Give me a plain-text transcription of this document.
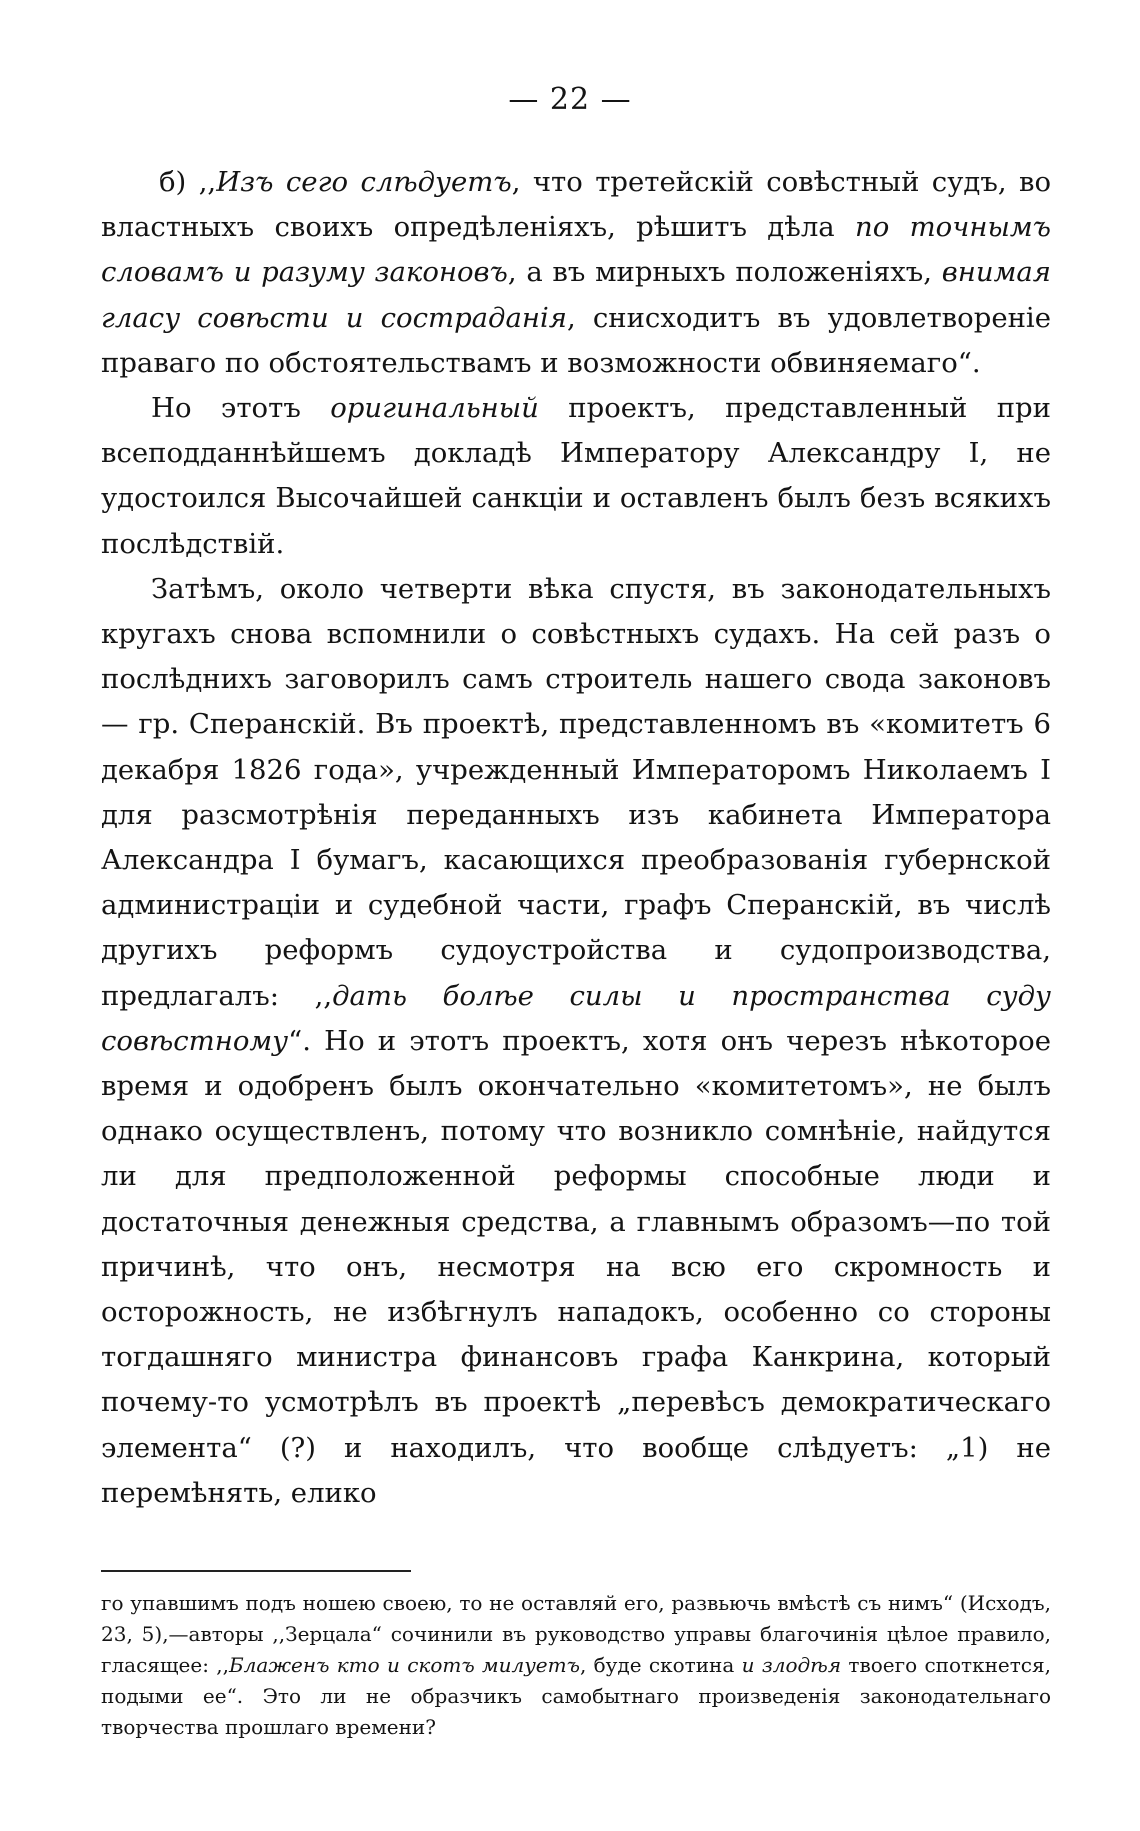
— 22 —

б) ,,Изъ сего слѣдуетъ, что третейскій совѣстный судъ, во властныхъ своихъ опредѣленіяхъ, рѣшитъ дѣла по точнымъ словамъ и разуму законовъ, а въ мирныхъ положеніяхъ, внимая гласу совѣсти и состраданія, снисходитъ въ удовлетвореніе праваго по обстоятельствамъ и возможности обвиняемаго“.

Но этотъ оригинальный проектъ, представленный при всеподданнѣйшемъ докладѣ Императору Александру I, не удостоился Высочайшей санкціи и оставленъ былъ безъ всякихъ послѣдствій.

Затѣмъ, около четверти вѣка спустя, въ законодательныхъ кругахъ снова вспомнили о совѣстныхъ судахъ. На сей разъ о послѣднихъ заговорилъ самъ строитель нашего свода законовъ — гр. Сперанскій. Въ проектѣ, представленномъ въ «комитетъ 6 декабря 1826 года», учрежденный Императоромъ Николаемъ I для разсмотрѣнія переданныхъ изъ кабинета Императора Александра I бумагъ, касающихся преобразованія губернской администраціи и судебной части, графъ Сперанскій, въ числѣ другихъ реформъ судоустройства и судопроизводства, предлагалъ: ,,дать болѣе силы и пространства суду совѣстному“. Но и этотъ проектъ, хотя онъ черезъ нѣкоторое время и одобренъ былъ окончательно «комитетомъ», не былъ однако осуществленъ, потому что возникло сомнѣніе, найдутся ли для предположенной реформы способные люди и достаточныя денежныя средства, а главнымъ образомъ—по той причинѣ, что онъ, несмотря на всю его скромность и осторожность, не избѣгнулъ нападокъ, особенно со стороны тогдашняго министра финансовъ графа Канкрина, который почему-то усмотрѣлъ въ проектѣ „перевѣсъ демократическаго элемента“ (?) и находилъ, что вообще слѣдуетъ: „1) не перемѣнять, елико

го упавшимъ подъ ношею своею, то не оставляй его, развьючь вмѣстѣ съ нимъ“ (Исходъ, 23, 5),—авторы ,,Зерцала“ сочинили въ руководство управы благочинія цѣлое правило, гласящее: ,,Блаженъ кто и скотъ милуетъ, буде скотина и злодѣя твоего споткнется, подыми ее“. Это ли не образчикъ самобытнаго произведенія законодательнаго творчества прошлаго времени?
